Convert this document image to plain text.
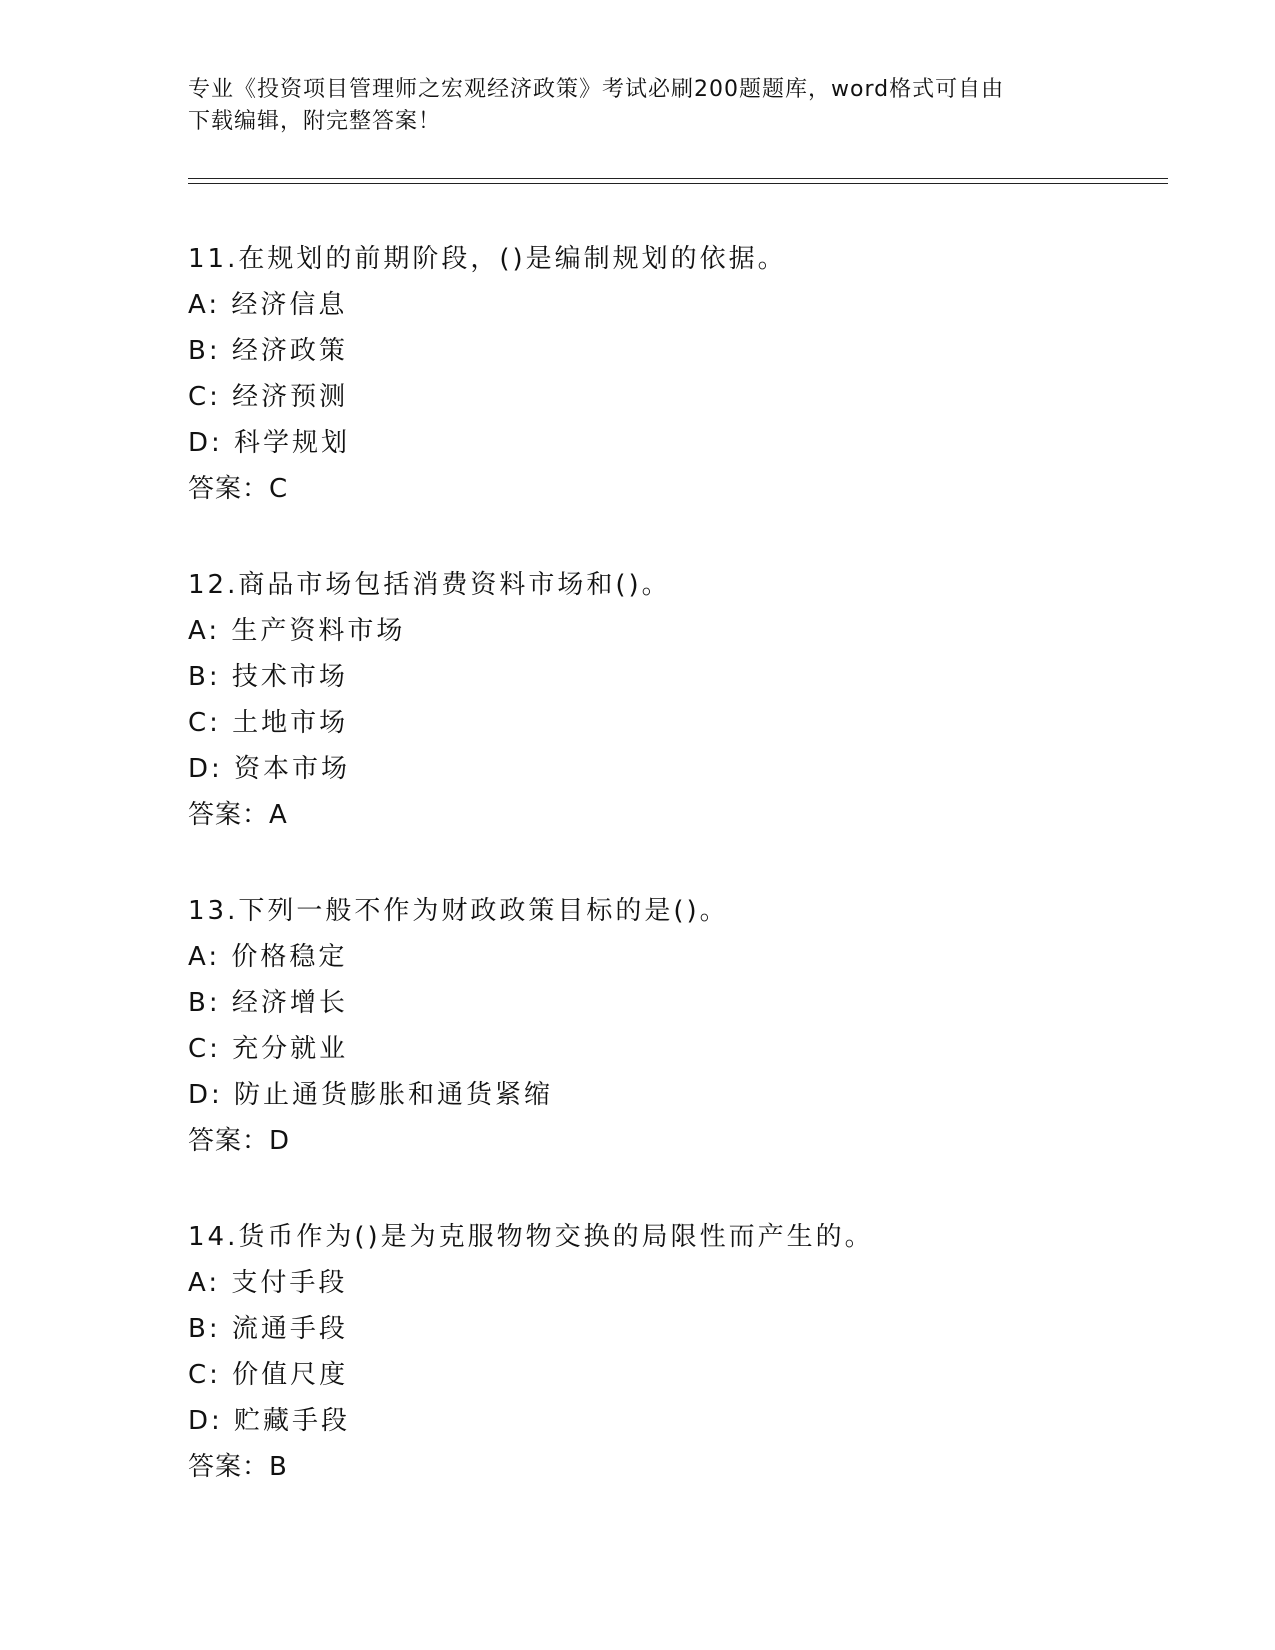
专业《投资项目管理师之宏观经济政策》考试必刷200题题库，word格式可自由
下载编辑，附完整答案！
11.在规划的前期阶段，()是编制规划的依据。
A: 经济信息
B: 经济政策
C: 经济预测
D: 科学规划
答案：C
12.商品市场包括消费资料市场和()。
A: 生产资料市场
B: 技术市场
C: 土地市场
D: 资本市场
答案：A
13.下列一般不作为财政政策目标的是()。
A: 价格稳定
B: 经济增长
C: 充分就业
D: 防止通货膨胀和通货紧缩
答案：D
14.货币作为()是为克服物物交换的局限性而产生的。
A: 支付手段
B: 流通手段
C: 价值尺度
D: 贮藏手段
答案：B
